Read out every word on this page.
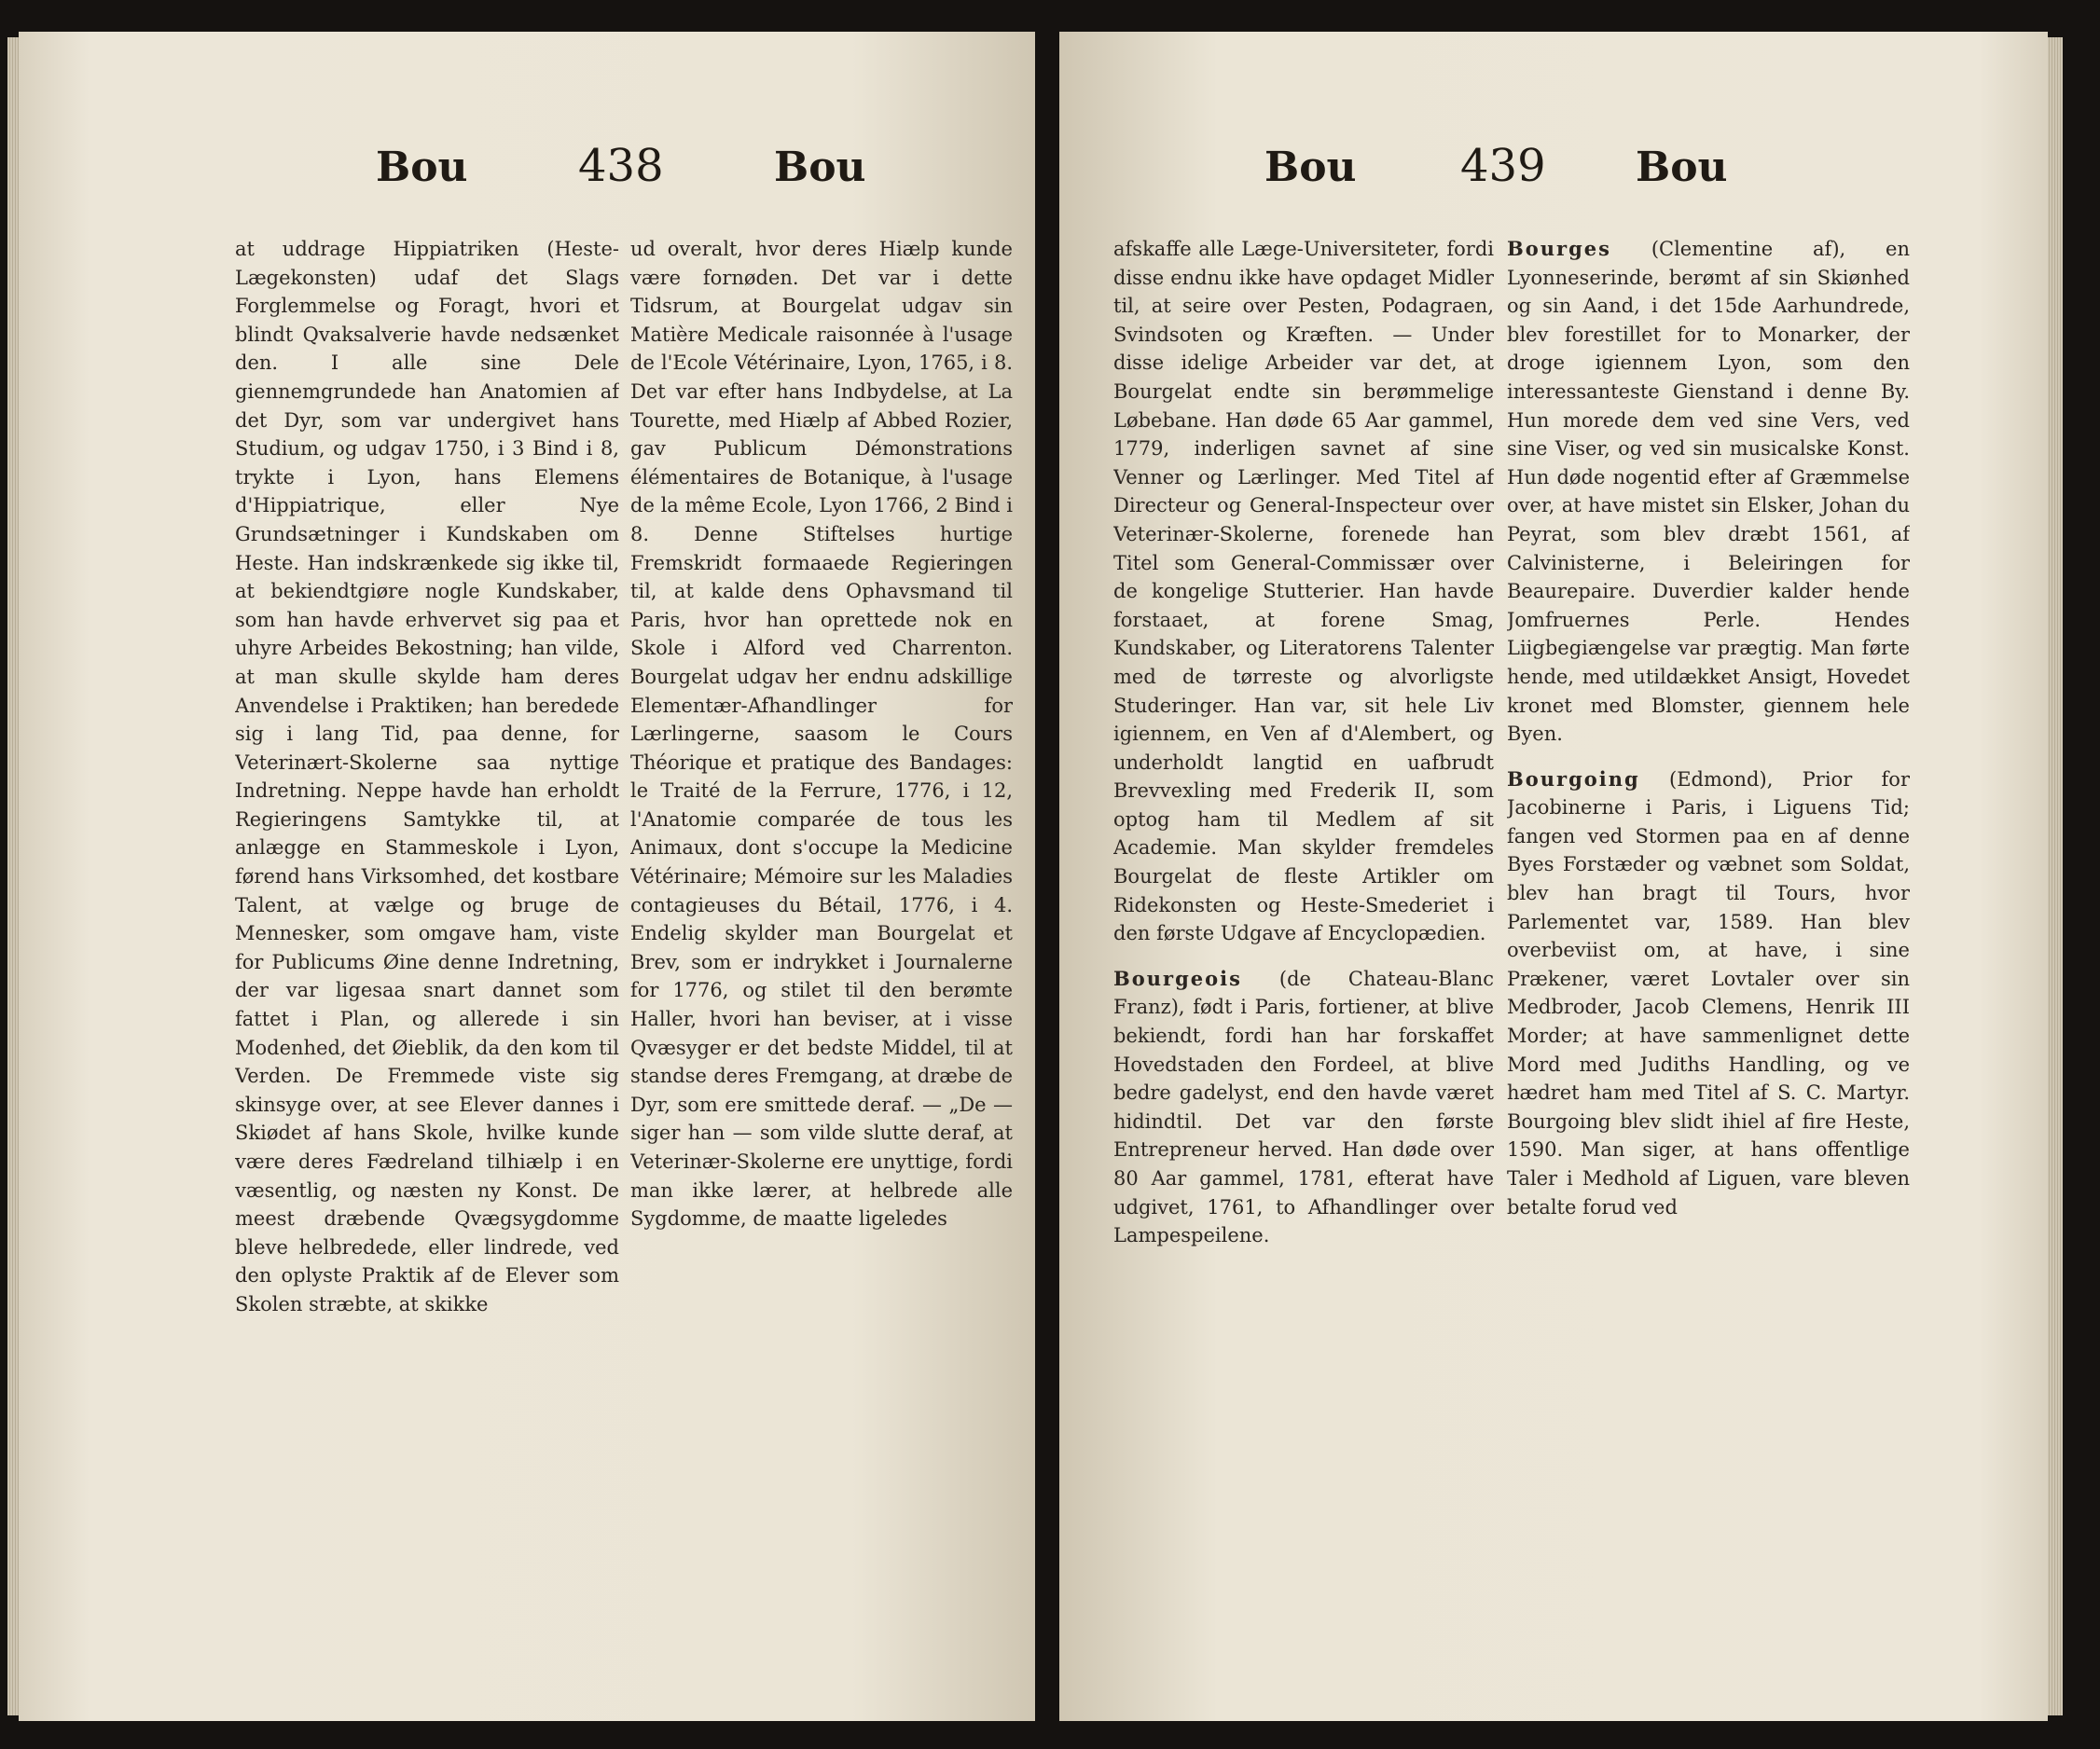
Bou 438	Bou

at uddrage Hippiatriken (Heste-Lægekonsten) udaf det Slags Forglemmelse og Foragt, hvori et blindt Qvaksalverie havde nedsænket den. I alle sine Dele giennemgrundede han Anatomien af det Dyr, som var undergivet hans Studium, og udgav 1750, i 3 Bind i 8, trykte i Lyon, hans Elemens d'Hippiatrique, eller Nye Grundsætninger i Kundskaben om Heste. Han indskrænkede sig ikke til, at bekiendtgiøre nogle Kundskaber, som han havde erhvervet sig paa et uhyre Arbeides Bekostning; han vilde, at man skulle skylde ham deres Anvendelse i Praktiken; han beredede sig i lang Tid, paa denne, for Veterinært-Skolerne saa nyttige Indretning. Neppe havde han erholdt Regieringens Samtykke til, at anlægge en Stammeskole i Lyon, førend hans Virksomhed, det kostbare Talent, at vælge og bruge de Mennesker, som omgave ham, viste for Publicums Øine denne Indretning, der var ligesaa snart dannet som fattet i Plan, og allerede i sin Modenhed, det Øieblik, da den kom til Verden. De Fremmede viste sig skinsyge over, at see Elever dannes i Skiødet af hans Skole, hvilke kunde være deres Fædreland tilhiælp i en væsentlig, og næsten ny Konst. De meest dræbende Qvægsygdomme bleve helbredede, eller lindrede, ved den oplyste Praktik af de Elever som Skolen stræbte, at skikke

ud overalt, hvor deres Hiælp kunde være fornøden. Det var i dette Tidsrum, at Bourgelat udgav sin Matière Medicale raisonnée à l'usage de l'Ecole Vétérinaire, Lyon, 1765, i 8. Det var efter hans Indbydelse, at La Tourette, med Hiælp af Abbed Rozier, gav Publicum Démonstrations élémentaires de Botanique, à l'usage de la même Ecole, Lyon 1766, 2 Bind i 8. Denne Stiftelses hurtige Fremskridt formaaede Regieringen til, at kalde dens Ophavsmand til Paris, hvor han oprettede nok en Skole i Alford ved Charrenton. Bourgelat udgav her endnu adskillige Elementær-Afhandlinger for Lærlingerne, saasom le Cours Théorique et pratique des Bandages: le Traité de la Ferrure, 1776, i 12, l'Anatomie comparée de tous les Animaux, dont s'occupe la Medicine Vétérinaire; Mémoire sur les Maladies contagieuses du Bétail, 1776, i 4. Endelig skylder man Bourgelat et Brev, som er indrykket i Journalerne for 1776, og stilet til den berømte Haller, hvori han beviser, at i visse Qvæsyger er det bedste Middel, til at standse deres Fremgang, at dræbe de Dyr, som ere smittede deraf. — „De — siger han — som vilde slutte deraf, at Veterinær-Skolerne ere unyttige, fordi man ikke lærer, at helbrede alle Sygdomme, de maatte ligeledes

Bou 439 Bou

afskaffe alle Læge-Universiteter, fordi disse endnu ikke have opdaget Midler til, at seire over Pesten, Podagraen, Svindsoten og Kræften. — Under disse idelige Arbeider var det, at Bourgelat endte sin berømmelige Løbebane. Han døde 65 Aar gammel, 1779, inderligen savnet af sine Venner og Lærlinger. Med Titel af Directeur og General-Inspecteur over Veterinær-Skolerne, forenede han Titel som General-Commissær over de kongelige Stutterier. Han havde forstaaet, at forene Smag, Kundskaber, og Literatorens Talenter med de tørreste og alvorligste Studeringer. Han var, sit hele Liv igiennem, en Ven af d'Alembert, og underholdt langtid en uafbrudt Brevvexling med Frederik II, som optog ham til Medlem af sit Academie. Man skylder fremdeles Bourgelat de fleste Artikler om Ridekonsten og Heste-Smederiet i den første Udgave af Encyclopædien.

Bourgeois (de Chateau-Blanc Franz), født i Paris, fortiener, at blive bekiendt, fordi han har forskaffet Hovedstaden den Fordeel, at blive bedre gadelyst, end den havde været hidindtil. Det var den første Entrepreneur herved. Han døde over 80 Aar gammel, 1781, efterat have udgivet, 1761, to Afhandlinger over Lampespeilene.

Bourges (Clementine af), en Lyonneserinde, berømt af sin Skiønhed og sin Aand, i det 15de Aarhundrede, blev forestillet for to Monarker, der droge igiennem Lyon, som den interessanteste Gienstand i denne By. Hun morede dem ved sine Vers, ved sine Viser, og ved sin musicalske Konst. Hun døde nogentid efter af Græmmelse over, at have mistet sin Elsker, Johan du Peyrat, som blev dræbt 1561, af Calvinisterne, i Beleiringen for Beaurepaire. Duverdier kalder hende Jomfruernes Perle. Hendes Liigbegiængelse var prægtig. Man førte hende, med utildækket Ansigt, Hovedet kronet med Blomster, giennem hele Byen.

Bourgoing (Edmond), Prior for Jacobinerne i Paris, i Liguens Tid; fangen ved Stormen paa en af denne Byes Forstæder og væbnet som Soldat, blev han bragt til Tours, hvor Parlementet var, 1589. Han blev overbeviist om, at have, i sine Prækener, været Lovtaler over sin Medbroder, Jacob Clemens, Henrik III Morder; at have sammenlignet dette Mord med Judiths Handling, og ve hædret ham med Titel af S. C. Martyr. Bourgoing blev slidt ihiel af fire Heste, 1590. Man siger, at hans offentlige Taler i Medhold af Liguen, vare bleven betalte forud ved
